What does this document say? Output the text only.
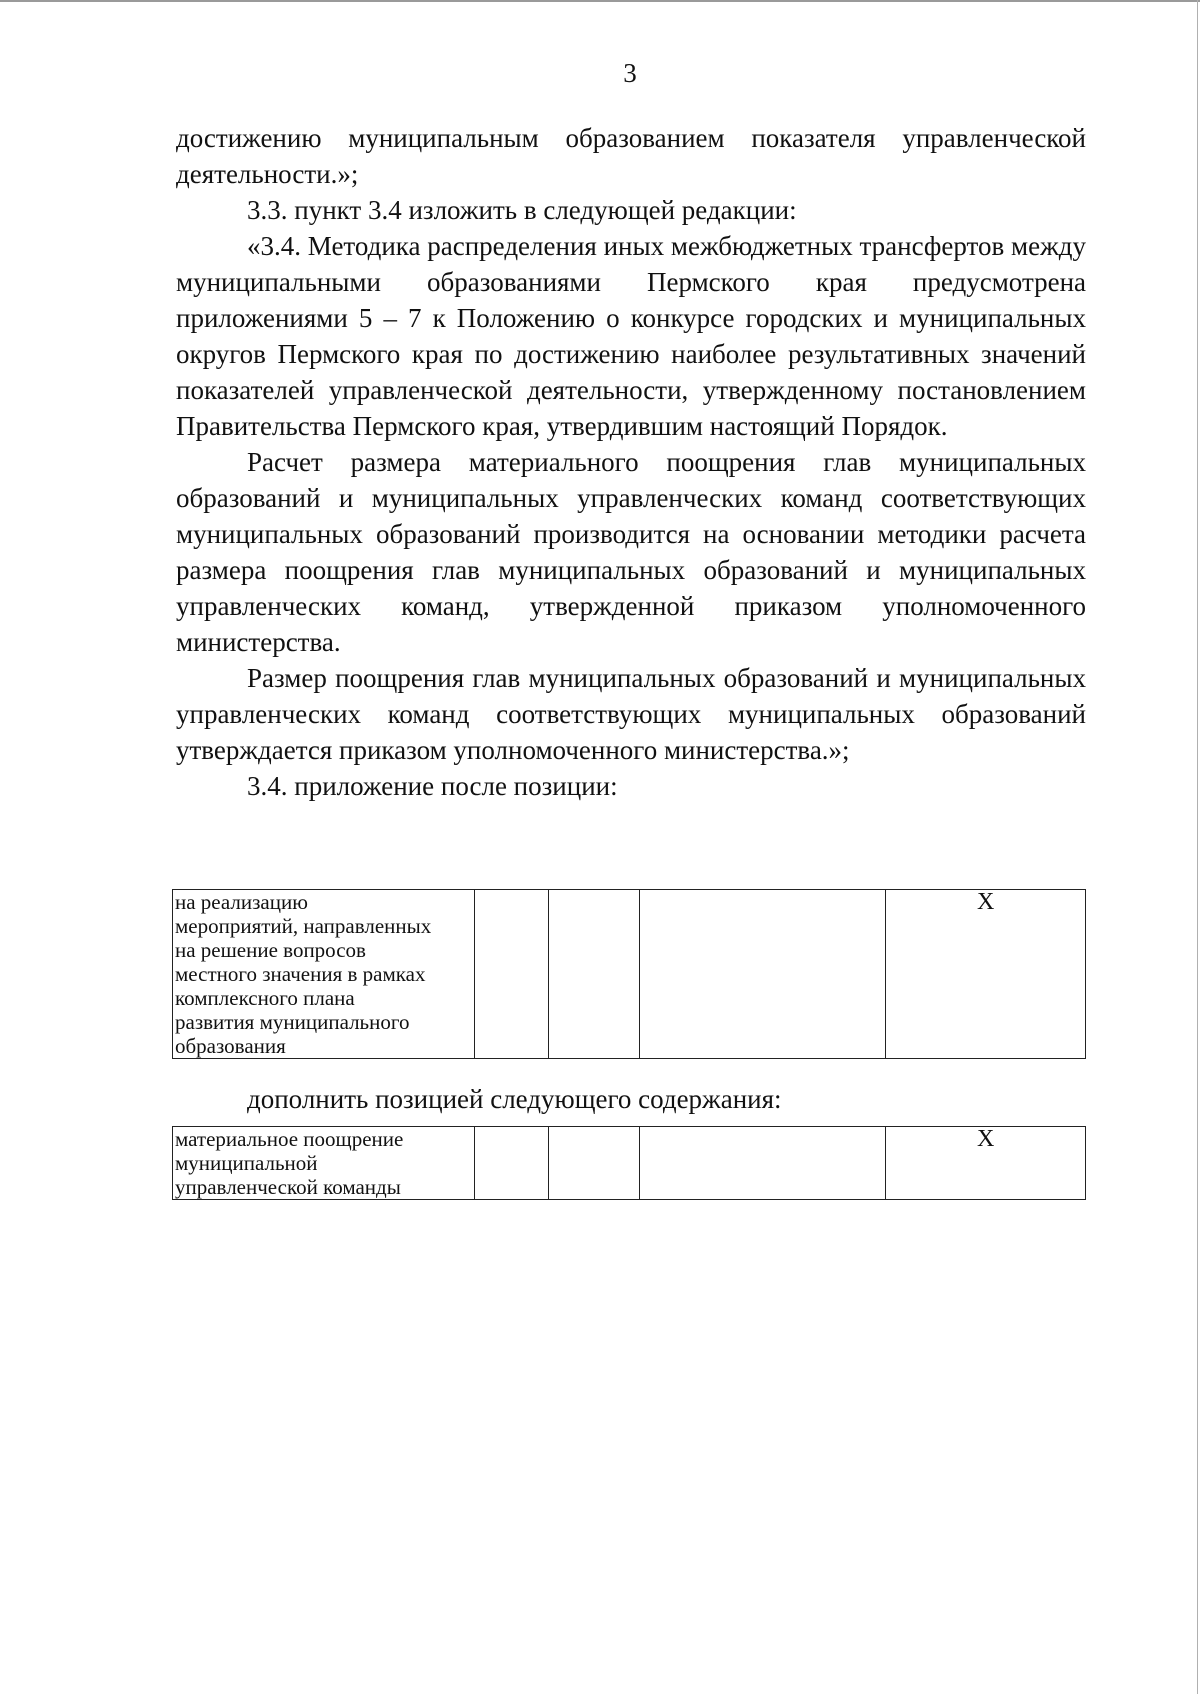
3

достижению муниципальным образованием показателя управленческой деятельности.»;

3.3. пункт 3.4 изложить в следующей редакции:

«3.4. Методика распределения иных межбюджетных трансфертов между муниципальными образованиями Пермского края предусмотрена приложениями 5 – 7 к Положению о конкурсе городских и муниципальных округов Пермского края по достижению наиболее результативных значений показателей управленческой деятельности, утвержденному постановлением Правительства Пермского края, утвердившим настоящий Порядок.

Расчет размера материального поощрения глав муниципальных образований и муниципальных управленческих команд соответствующих муниципальных образований производится на основании методики расчета размера поощрения глав муниципальных образований и муниципальных управленческих команд, утвержденной приказом уполномоченного министерства.

Размер поощрения глав муниципальных образований и муниципальных управленческих команд соответствующих муниципальных образований утверждается приказом уполномоченного министерства.»;

3.4. приложение после позиции:

на реализацию
мероприятий, направленных
на решение вопросов
местного значения в рамках
комплексного плана
развития муниципального
образования
				Х

дополнить позицией следующего содержания:

материальное поощрение
муниципальной
управленческой команды
				Х
